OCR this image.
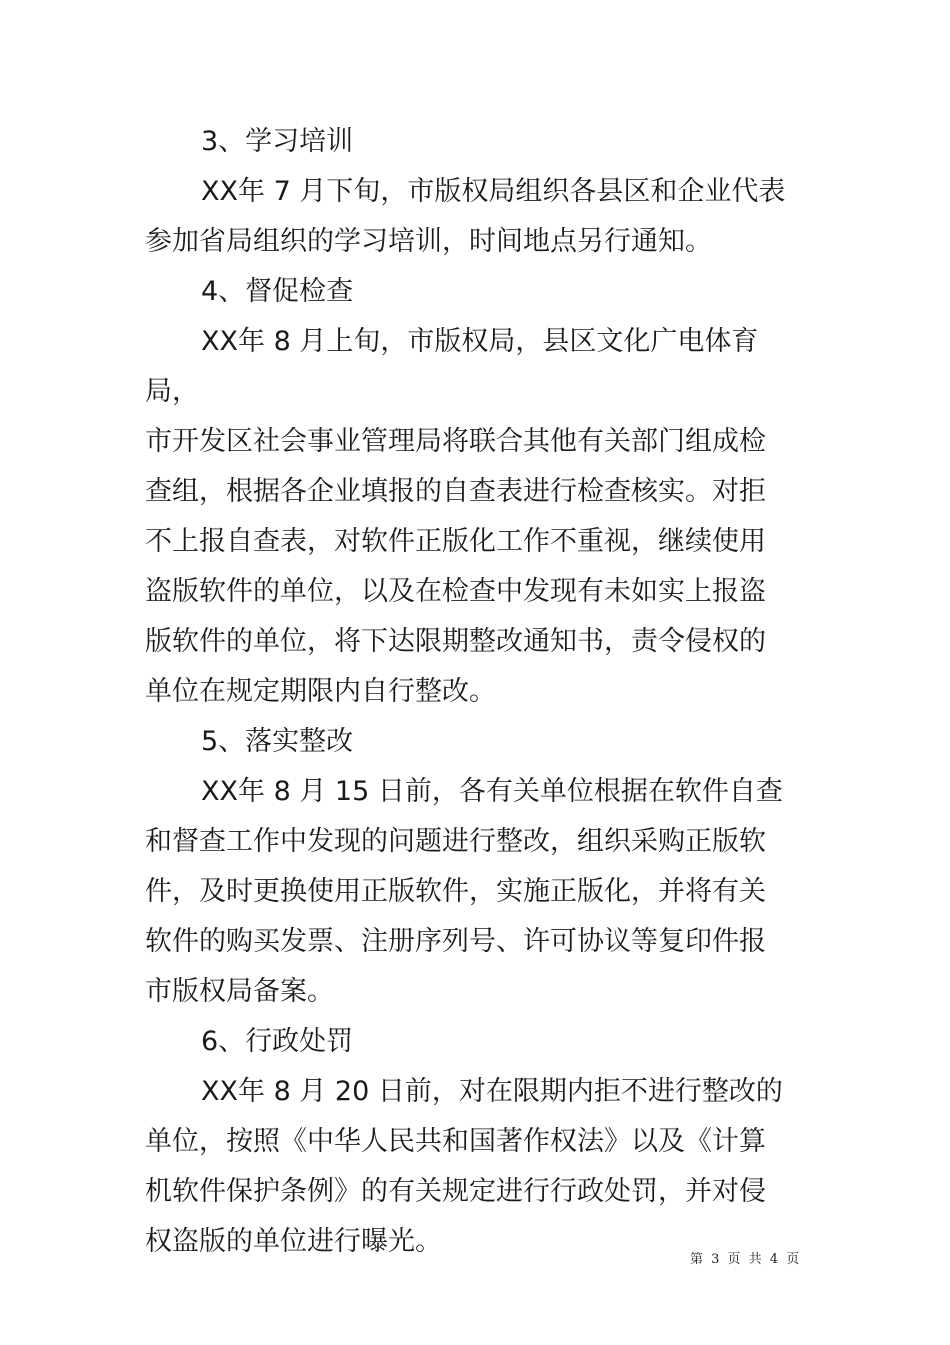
3、学习培训

XX年 7 月下旬，市版权局组织各县区和企业代表
参加省局组织的学习培训，时间地点另行通知。

4、督促检查

XX年 8 月上旬，市版权局，县区文化广电体育局，
市开发区社会事业管理局将联合其他有关部门组成检
查组，根据各企业填报的自查表进行检查核实。对拒
不上报自查表，对软件正版化工作不重视，继续使用
盗版软件的单位，以及在检查中发现有未如实上报盗
版软件的单位，将下达限期整改通知书，责令侵权的
单位在规定期限内自行整改。

5、落实整改

XX年 8 月 15 日前，各有关单位根据在软件自查
和督查工作中发现的问题进行整改，组织采购正版软
件，及时更换使用正版软件，实施正版化，并将有关
软件的购买发票、注册序列号、许可协议等复印件报
市版权局备案。

6、行政处罚

XX年 8 月 20 日前，对在限期内拒不进行整改的
单位，按照《中华人民共和国著作权法》以及《计算
机软件保护条例》的有关规定进行行政处罚，并对侵
权盗版的单位进行曝光。

第 3 页 共 4 页
